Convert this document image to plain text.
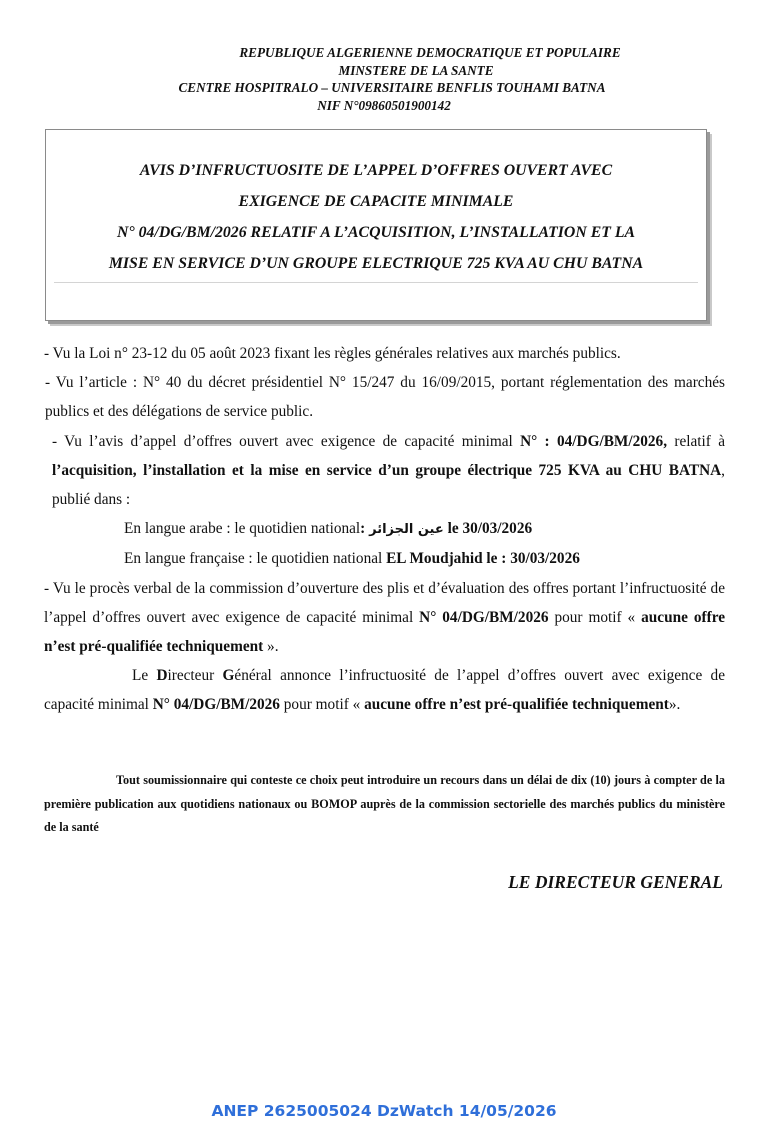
REPUBLIQUE ALGERIENNE DEMOCRATIQUE ET POPULAIRE
MINSTERE DE LA SANTE
CENTRE HOSPITRALO – UNIVERSITAIRE BENFLIS TOUHAMI BATNA
NIF N°09860501900142
AVIS D’INFRUCTUOSITE DE L’APPEL D’OFFRES OUVERT AVEC
EXIGENCE DE CAPACITE MINIMALE
N° 04/DG/BM/2026 RELATIF A L’ACQUISITION, L’INSTALLATION ET LA
MISE EN SERVICE D’UN GROUPE ELECTRIQUE 725 KVA AU CHU BATNA

- Vu la Loi n° 23-12 du 05 août 2023 fixant les règles générales relatives aux marchés publics.

- Vu l’article : N° 40 du décret présidentiel N° 15/247 du 16/09/2015, portant réglementation des marchés publics et des délégations de service public.

- Vu l’avis d’appel d’offres ouvert avec exigence de capacité minimal N° : 04/DG/BM/2026, relatif à l’acquisition, l’installation et la mise en service d’un groupe électrique 725 KVA au CHU BATNA, publié dans :

En langue arabe : le quotidien national: عين الجزائر le 30/03/2026

En langue française : le quotidien national EL Moudjahid le : 30/03/2026

- Vu le procès verbal de la commission d’ouverture des plis et d’évaluation des offres portant l’infructuosité de l’appel d’offres ouvert avec exigence de capacité minimal N° 04/DG/BM/2026 pour motif « aucune offre n’est pré-qualifiée techniquement ».

Le Directeur Général annonce l’infructuosité de l’appel d’offres ouvert avec exigence de capacité minimal N° 04/DG/BM/2026 pour motif « aucune offre n’est pré-qualifiée techniquement».

Tout soumissionnaire qui conteste ce choix peut introduire un recours dans un délai de dix (10) jours à compter de la première publication aux quotidiens nationaux ou BOMOP auprès de la commission sectorielle des marchés publics du ministère de la santé
LE DIRECTEUR GENERAL
ANEP 2625005024 DzWatch 14/05/2026
